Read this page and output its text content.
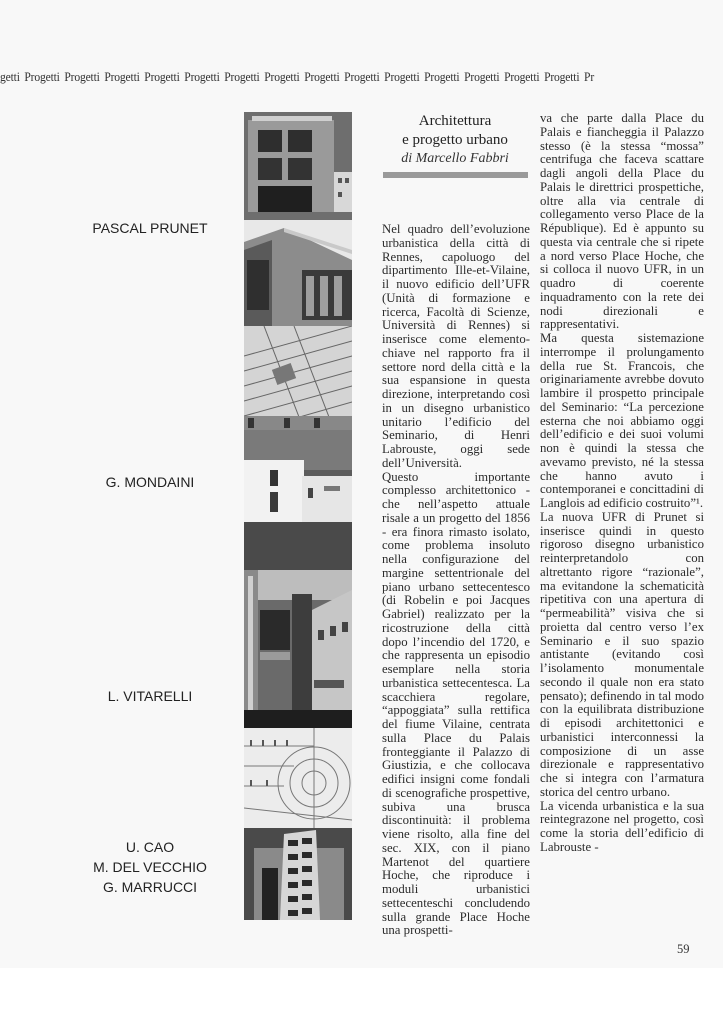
getti Progetti Progetti Progetti Progetti Progetti Progetti Progetti Progetti Progetti Progetti Progetti Progetti Progetti Progetti Pr
PASCAL PRUNET
G. MONDAINI
L. VITARELLI
U. CAO
M. DEL VECCHIO
G. MARRUCCI
Architettura
e progetto urbano
di Marcello Fabbri

Nel quadro dell’evoluzione urbanistica della città di Rennes, capoluogo del dipartimento Ille-et-Vilaine, il nuovo edificio dell’UFR (Unità di formazione e ricerca, Facoltà di Scienze, Università di Rennes) si inserisce come elemento-chiave nel rapporto fra il settore nord della città e la sua espansione in questa direzione, interpretando così in un disegno urbanistico unitario l’edificio del Seminario, di Henri Labrouste, oggi sede dell’Università.

Questo importante complesso architettonico - che nell’aspetto attuale risale a un progetto del 1856 - era finora rimasto isolato, come problema insoluto nella configurazione del margine settentrionale del piano urbano settecentesco (di Robelin e poi Jacques Gabriel) realizzato per la ricostruzione della città dopo l’incendio del 1720, e che rappresenta un episodio esemplare nella storia urbanistica settecentesca. La scacchiera regolare, “appoggiata” sulla rettifica del fiume Vilaine, centrata sulla Place du Palais fronteggiante il Palazzo di Giustizia, e che collocava edifici insigni come fondali di scenografiche prospettive, subiva una brusca discontinuità: il problema viene risolto, alla fine del sec. XIX, con il piano Martenot del quartiere Hoche, che riproduce i moduli urbanistici settecenteschi concludendo sulla grande Place Hoche una prospetti-

va che parte dalla Place du Palais e fiancheggia il Palazzo stesso (è la stessa “mossa” centrifuga che faceva scattare dagli angoli della Place du Palais le direttrici prospettiche, oltre alla via centrale di collegamento verso Place de la République). Ed è appunto su questa via centrale che si ripete a nord verso Place Hoche, che si colloca il nuovo UFR, in un quadro di coerente inquadramento con la rete dei nodi direzionali e rappresentativi.

Ma questa sistemazione interrompe il prolungamento della rue St. Francois, che originariamente avrebbe dovuto lambire il prospetto principale del Seminario: “La percezione esterna che noi abbiamo oggi dell’edificio e dei suoi volumi non è quindi la stessa che avevamo previsto, né la stessa che hanno avuto i contemporanei e concittadini di Langlois ad edificio costruito”¹.

La nuova UFR di Prunet si inserisce quindi in questo rigoroso disegno urbanistico reinterpretandolo con altrettanto rigore “razionale”, ma evitandone la schematicità ripetitiva con una apertura di “permeabilità” visiva che si proietta dal centro verso l’ex Seminario e il suo spazio antistante (evitando così l’isolamento monumentale secondo il quale non era stato pensato); definendo in tal modo con la equilibrata distribuzione di episodi architettonici e urbanistici interconnessi la composizione di un asse direzionale e rappresentativo che si integra con l’armatura storica del centro urbano.

La vicenda urbanistica e la sua reintegrazone nel progetto, così come la storia dell’edificio di Labrouste -

59
